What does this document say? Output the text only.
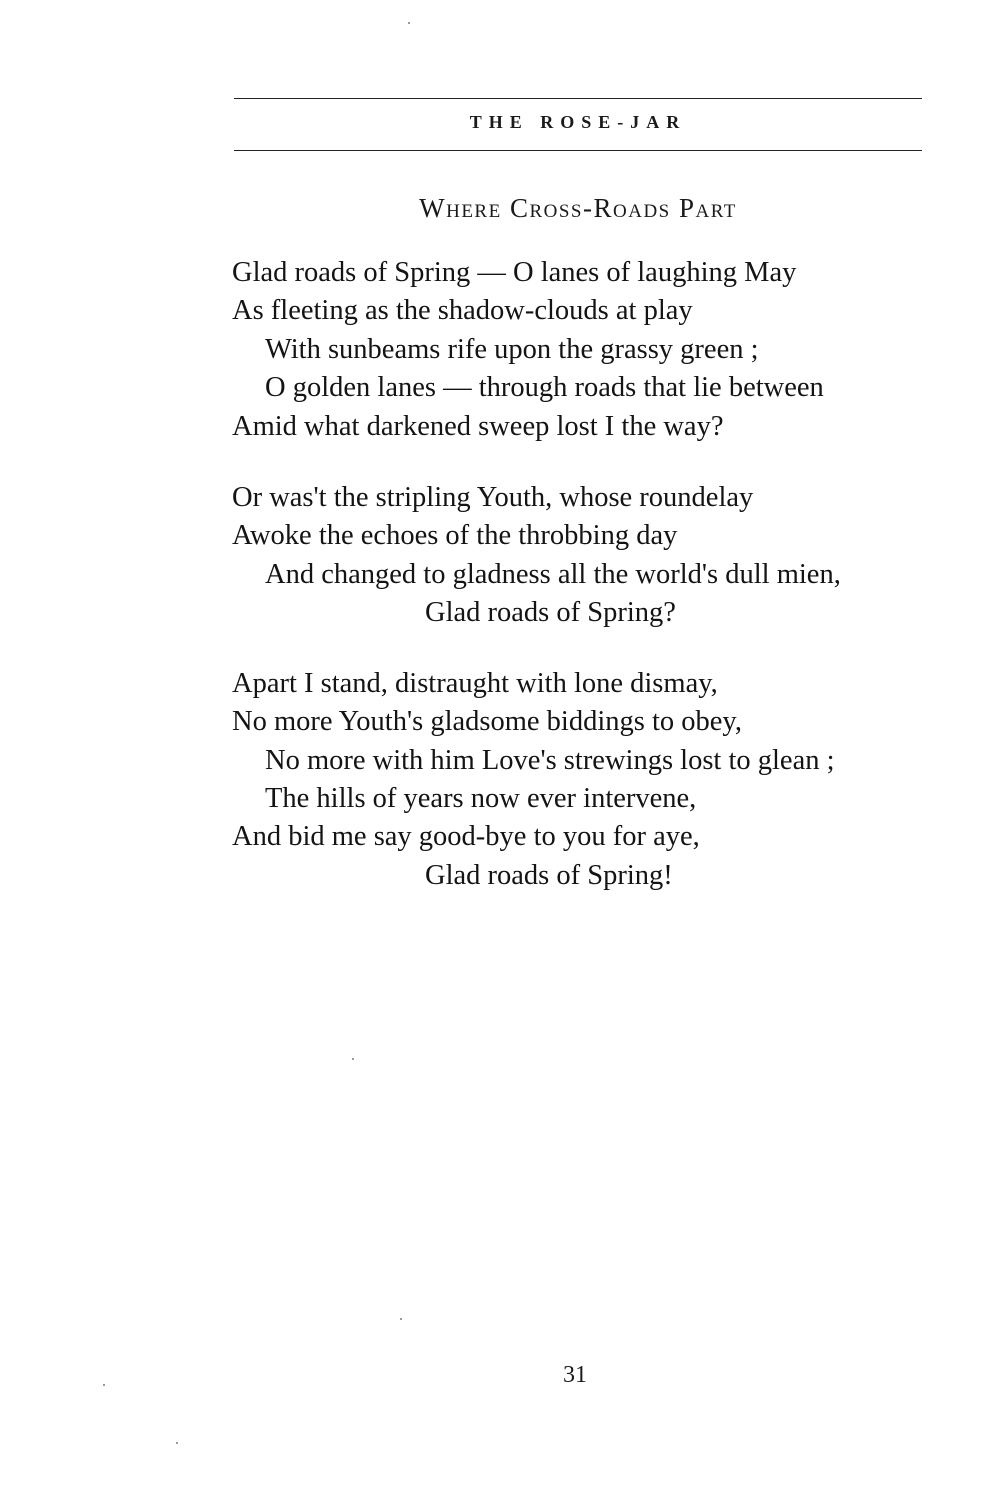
THE ROSE-JAR
Where Cross-Roads Part
Glad roads of Spring — O lanes of laughing May
As fleeting as the shadow-clouds at play
With sunbeams rife upon the grassy green ;
O golden lanes — through roads that lie between
Amid what darkened sweep lost I the way?
Or was't the stripling Youth, whose roundelay
Awoke the echoes of the throbbing day
And changed to gladness all the world's dull mien,
Glad roads of Spring?
Apart I stand, distraught with lone dismay,
No more Youth's gladsome biddings to obey,
No more with him Love's strewings lost to glean ;
The hills of years now ever intervene,
And bid me say good-bye to you for aye,
Glad roads of Spring!
31
